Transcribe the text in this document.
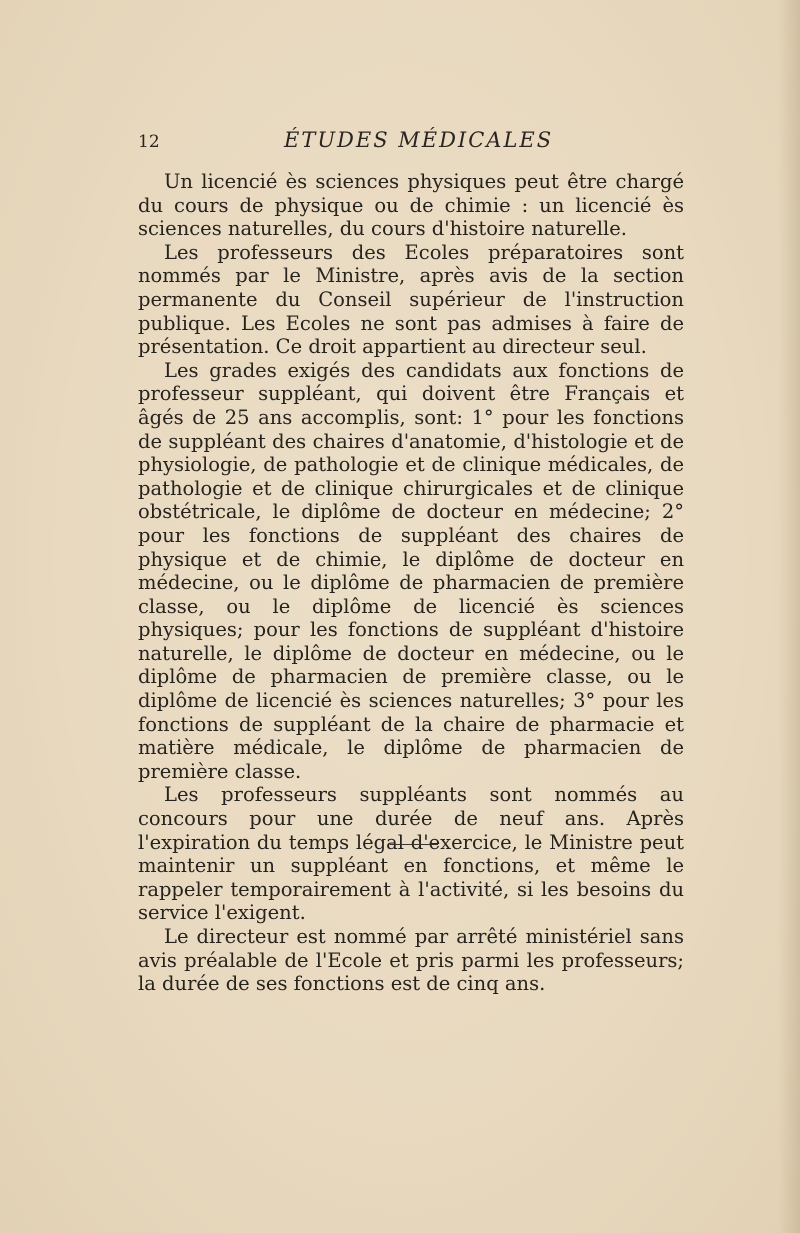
12	ÉTUDES MÉDICALES

Un licencié ès sciences physiques peut être chargé du cours de physique ou de chimie : un licencié ès sciences naturelles, du cours d'histoire naturelle.

Les professeurs des Ecoles préparatoires sont nommés par le Ministre, après avis de la section permanente du Conseil supérieur de l'instruction publique. Les Ecoles ne sont pas admises à faire de présentation. Ce droit appartient au directeur seul.

Les grades exigés des candidats aux fonctions de professeur suppléant, qui doivent être Français et âgés de 25 ans accomplis, sont: 1° pour les fonctions de suppléant des chaires d'anatomie, d'histologie et de physiologie, de pathologie et de clinique médicales, de pathologie et de clinique chirurgicales et de clinique obstétricale, le diplôme de docteur en médecine; 2° pour les fonctions de suppléant des chaires de physique et de chimie, le diplôme de docteur en médecine, ou le diplôme de pharmacien de première classe, ou le diplôme de licencié ès sciences physiques; pour les fonctions de suppléant d'histoire naturelle, le diplôme de docteur en médecine, ou le diplôme de pharmacien de première classe, ou le diplôme de licencié ès sciences naturelles; 3° pour les fonctions de suppléant de la chaire de pharmacie et matière médicale, le diplôme de pharmacien de première classe.

Les professeurs suppléants sont nommés au concours pour une durée de neuf ans. Après l'expiration du temps légal d'exercice, le Ministre peut maintenir un suppléant en fonctions, et même le rappeler temporairement à l'activité, si les besoins du service l'exigent.

Le directeur est nommé par arrêté ministériel sans avis préalable de l'Ecole et pris parmi les professeurs; la durée de ses fonctions est de cinq ans.
